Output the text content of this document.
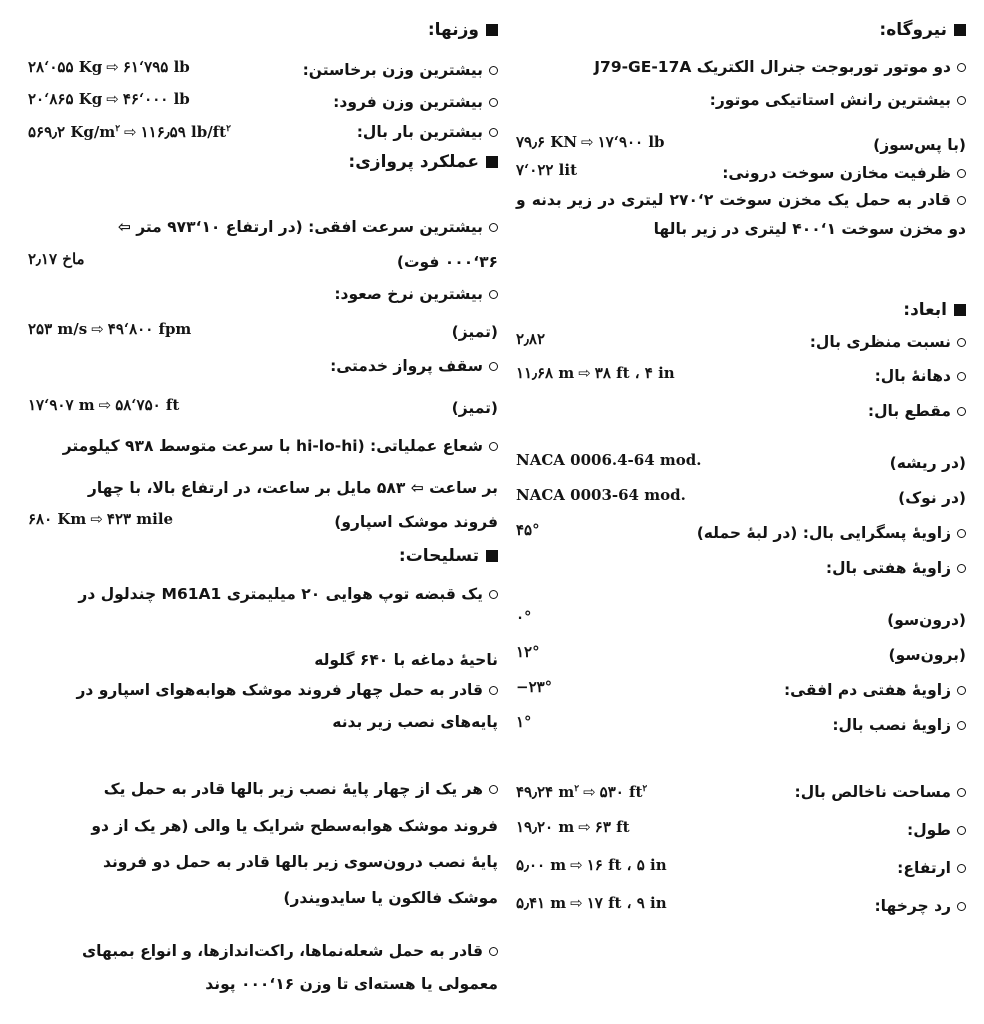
نیروگاه:
دو موتور توربوجت جنرال الکتریک J79-GE-17A
بیشترین رانش استاتیکی موتور:
(با پس‌سوز)
۷۹٫۶ KN ⇨ ۱۷‘۹۰۰ lb
ظرفیت مخازن سوخت درونی:
۷‘۰۲۲ lit
قادر به حمل یک مخزن سوخت ۲‘۲۷۰ لیتری در زیر بدنه و دو مخزن سوخت ۱‘۴۰۰ لیتری در زیر بالها
ابعاد:
نسبت منظری بال:
۲٫۸۲
دهانهٔ بال:
۱۱٫۶۸ m ⇨ ۳۸ ft ، ۴ in
مقطع بال:
(در ریشه)
NACA 0006.4-64 mod.
(در نوک)
NACA 0003-64 mod.
زاویهٔ پسگرایی بال: (در لبهٔ حمله)
۴۵°
زاویهٔ هفتی بال:
(درون‌سو)
۰°
(برون‌سو)
۱۲°
زاویهٔ هفتی دم افقی:
−۲۳°
زاویهٔ نصب بال:
۱°
مساحت ناخالص بال:
۴۹٫۲۴ $m^۲$ ⇨ ۵۳۰ $ft^۲$
طول:
۱۹٫۲۰ m ⇨ ۶۳ ft
ارتفاع:
۵٫۰۰ m ⇨ ۱۶ ft ، ۵ in
رد چرخها:
۵٫۴۱ m ⇨ ۱۷ ft ، ۹ in
وزنها:
بیشترین وزن برخاستن:
۲۸‘۰۵۵ Kg ⇨ ۶۱‘۷۹۵ lb
بیشترین وزن فرود:
۲۰‘۸۶۵ Kg ⇨ ۴۶‘۰۰۰ lb
بیشترین بار بال:
۵۶۹٫۲ $Kg/m^۲$ ⇨ ۱۱۶٫۵۹ $lb/ft^۲$
عملکرد پروازی:
بیشترین سرعت افقی: (در ارتفاع ۱۰‘۹۷۳ متر ⇦
۳۶‘۰۰۰ فوت)
ماخ ۲٫۱۷
بیشترین نرخ صعود:
(تمیز)
۲۵۳ m/s ⇨ ۴۹‘۸۰۰ fpm
سقف پرواز خدمتی:
(تمیز)
۱۷‘۹۰۷ m ⇨ ۵۸‘۷۵۰ ft
شعاع عملیاتی: (hi-lo-hi با سرعت متوسط ۹۳۸ کیلومتر
بر ساعت ⇦ ۵۸۳ مایل بر ساعت، در ارتفاع بالا، با چهار
فروند موشک اسپارو)
۶۸۰ Km ⇨ ۴۲۳ mile
تسلیحات:
یک قبضه توپ هوایی ۲۰ میلیمتری M61A1 چندلول در
ناحیهٔ دماغه با ۶۴۰ گلوله
قادر به حمل چهار فروند موشک هوابه‌هوای اسپارو در
پایه‌های نصب زیر بدنه
هر یک از چهار پایهٔ نصب زیر بالها قادر به حمل یک
فروند موشک هوابه‌سطح شرایک یا والی (هر یک از دو
پایهٔ نصب درون‌سوی زیر بالها قادر به حمل دو فروند
موشک فالکون یا سایدویندر)
قادر به حمل شعله‌نماها، راکت‌اندازها، و انواع بمبهای
معمولی یا هسته‌ای تا وزن ۱۶‘۰۰۰ پوند
